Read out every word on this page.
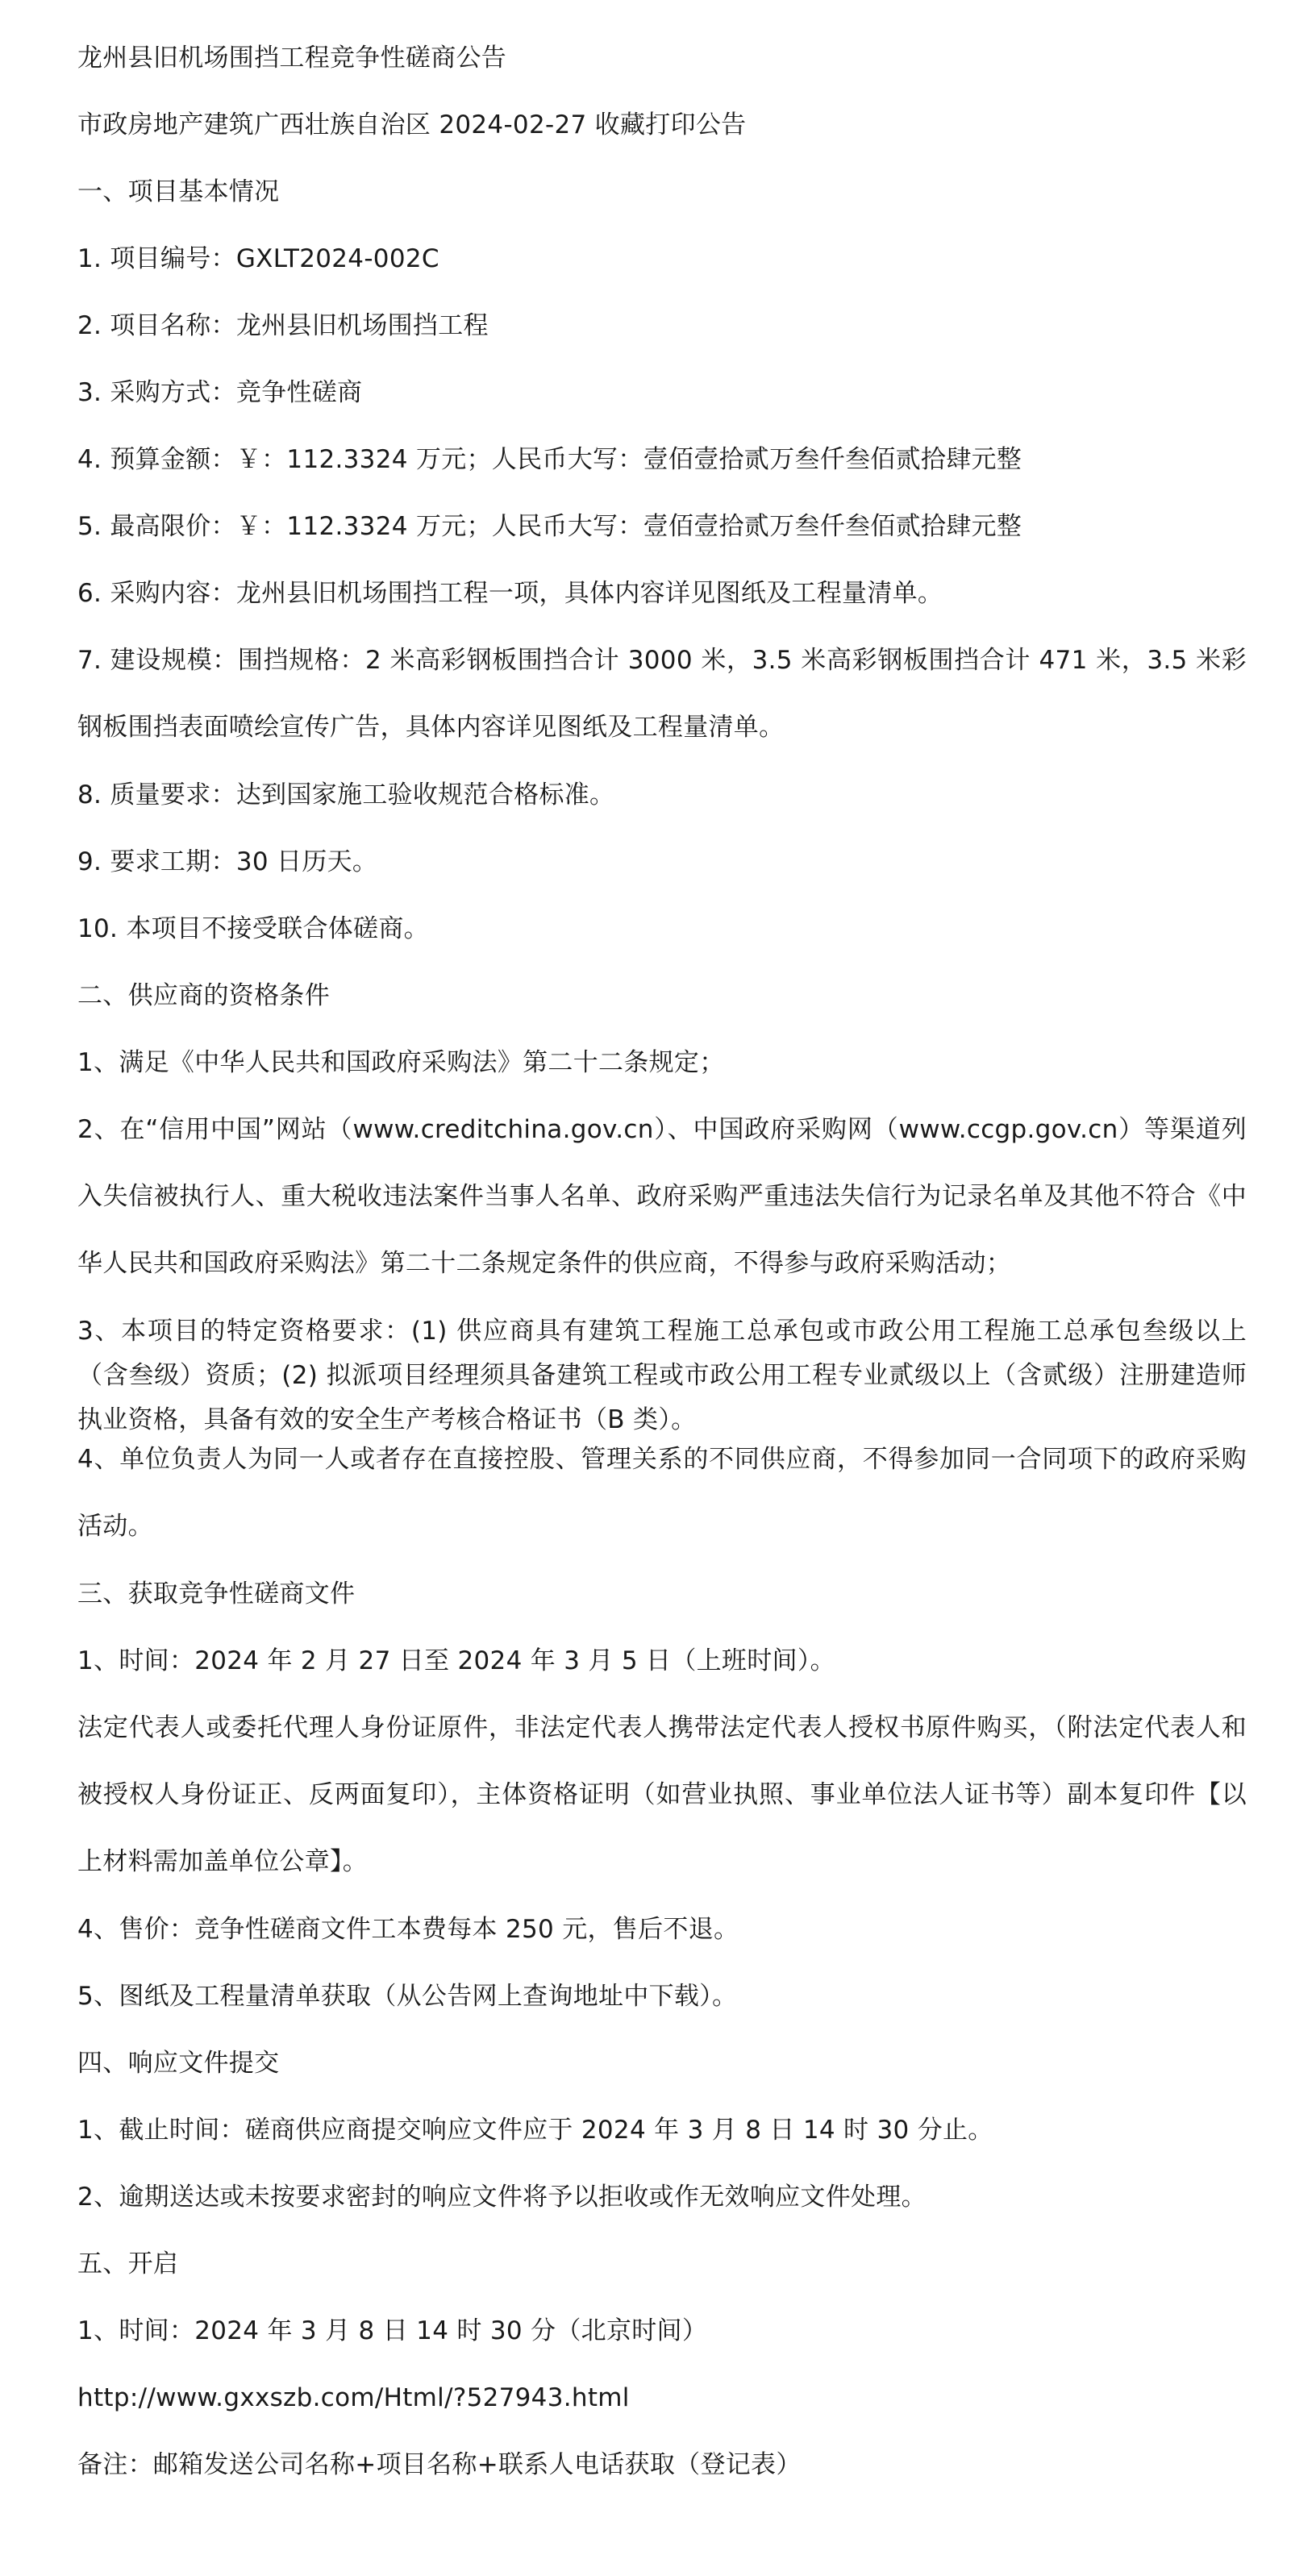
龙州县旧机场围挡工程竞争性磋商公告
市政房地产建筑广西壮族自治区 2024-02-27 收藏打印公告
一、项目基本情况
1. 项目编号：GXLT2024-002C
2. 项目名称：龙州县旧机场围挡工程
3. 采购方式：竞争性磋商
4. 预算金额：￥：112.3324 万元；人民币大写：壹佰壹拾贰万叁仟叁佰贰拾肆元整
5. 最高限价：￥：112.3324 万元；人民币大写：壹佰壹拾贰万叁仟叁佰贰拾肆元整
6. 采购内容：龙州县旧机场围挡工程一项，具体内容详见图纸及工程量清单。
7. 建设规模：围挡规格：2 米高彩钢板围挡合计 3000 米，3.5 米高彩钢板围挡合计 471 米，3.5 米彩钢板围挡表面喷绘宣传广告，具体内容详见图纸及工程量清单。
8. 质量要求：达到国家施工验收规范合格标准。
9. 要求工期：30 日历天。
10. 本项目不接受联合体磋商。
二、供应商的资格条件
1、满足《中华人民共和国政府采购法》第二十二条规定；
2、在“信用中国”网站（www.creditchina.gov.cn）、中国政府采购网（www.ccgp.gov.cn）等渠道列入失信被执行人、重大税收违法案件当事人名单、政府采购严重违法失信行为记录名单及其他不符合《中华人民共和国政府采购法》第二十二条规定条件的供应商，不得参与政府采购活动；
3、本项目的特定资格要求：(1) 供应商具有建筑工程施工总承包或市政公用工程施工总承包叁级以上（含叁级）资质；(2) 拟派项目经理须具备建筑工程或市政公用工程专业贰级以上（含贰级）注册建造师执业资格，具备有效的安全生产考核合格证书（B 类）。
4、单位负责人为同一人或者存在直接控股、管理关系的不同供应商，不得参加同一合同项下的政府采购活动。
三、获取竞争性磋商文件
1、时间：2024 年 2 月 27 日至 2024 年 3 月 5 日（上班时间）。
法定代表人或委托代理人身份证原件，非法定代表人携带法定代表人授权书原件购买，（附法定代表人和被授权人身份证正、反两面复印），主体资格证明（如营业执照、事业单位法人证书等）副本复印件【以上材料需加盖单位公章】。
4、售价：竞争性磋商文件工本费每本 250 元，售后不退。
5、图纸及工程量清单获取（从公告网上查询地址中下载）。
四、响应文件提交
1、截止时间：磋商供应商提交响应文件应于 2024 年 3 月 8 日 14 时 30 分止。
2、逾期送达或未按要求密封的响应文件将予以拒收或作无效响应文件处理。
五、开启
1、时间：2024 年 3 月 8 日 14 时 30 分（北京时间）
http://www.gxxszb.com/Html/?527943.html
备注：邮箱发送公司名称+项目名称+联系人电话获取（登记表）
